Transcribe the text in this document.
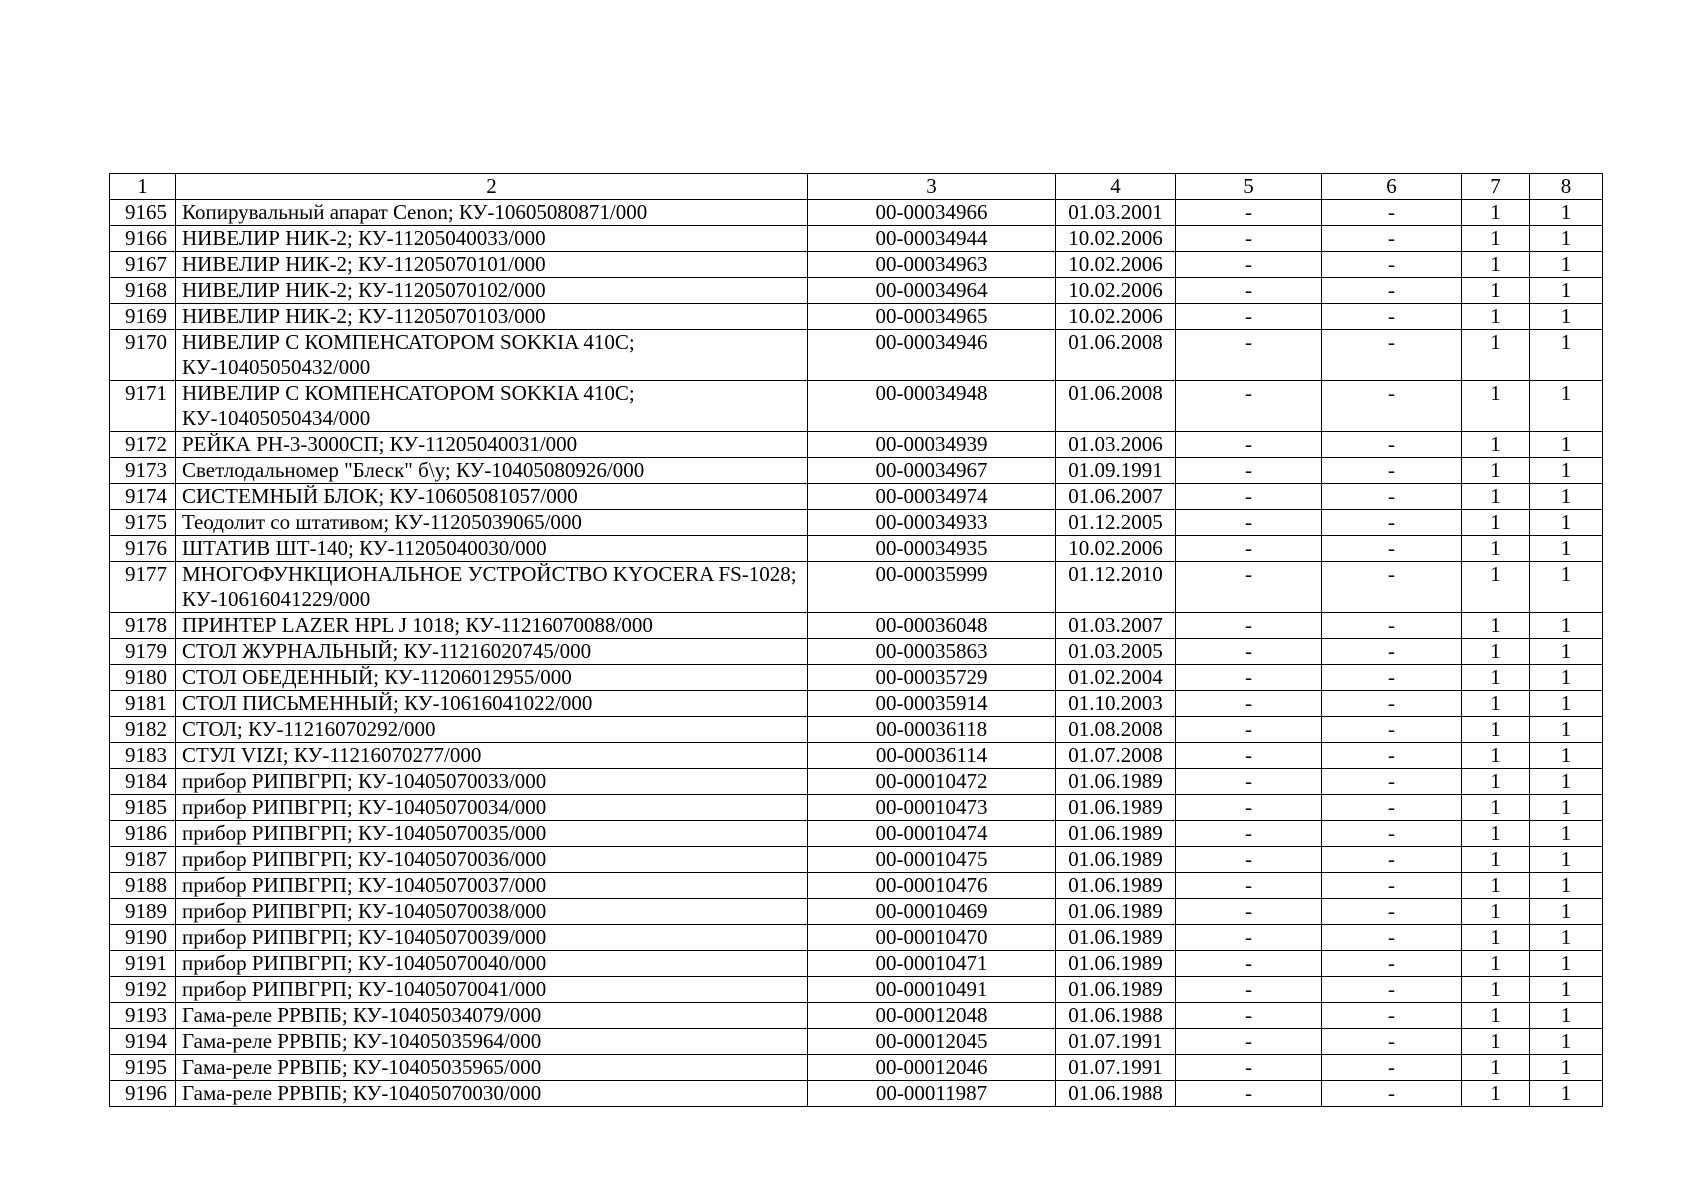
1	2	3	4	5	6	7	8
9165	Копирувальный апарат Cenon; КУ-10605080871/000	00-00034966	01.03.2001	-	-	1	1
9166	НИВЕЛИР НИК-2; КУ-11205040033/000	00-00034944	10.02.2006	-	-	1	1
9167	НИВЕЛИР НИК-2; КУ-11205070101/000	00-00034963	10.02.2006	-	-	1	1
9168	НИВЕЛИР НИК-2; КУ-11205070102/000	00-00034964	10.02.2006	-	-	1	1
9169	НИВЕЛИР НИК-2; КУ-11205070103/000	00-00034965	10.02.2006	-	-	1	1
9170	НИВЕЛИР С КОМПЕНСАТОРОМ SOKKIA 410C; КУ-10405050432/000	00-00034946	01.06.2008	-	-	1	1
9171	НИВЕЛИР С КОМПЕНСАТОРОМ SOKKIA 410C; КУ-10405050434/000	00-00034948	01.06.2008	-	-	1	1
9172	РЕЙКА РН-3-3000СП; КУ-11205040031/000	00-00034939	01.03.2006	-	-	1	1
9173	Светлодальномер "Блеск" б\у; КУ-10405080926/000	00-00034967	01.09.1991	-	-	1	1
9174	СИСТЕМНЫЙ БЛОК; КУ-10605081057/000	00-00034974	01.06.2007	-	-	1	1
9175	Теодолит со штативом; КУ-11205039065/000	00-00034933	01.12.2005	-	-	1	1
9176	ШТАТИВ ШТ-140; КУ-11205040030/000	00-00034935	10.02.2006	-	-	1	1
9177	МНОГОФУНКЦИОНАЛЬНОЕ УСТРОЙСТВО KYOCERA FS-1028; КУ-10616041229/000	00-00035999	01.12.2010	-	-	1	1
9178	ПРИНТЕР LAZER HPL J 1018; КУ-11216070088/000	00-00036048	01.03.2007	-	-	1	1
9179	СТОЛ ЖУРНАЛЬНЫЙ; КУ-11216020745/000	00-00035863	01.03.2005	-	-	1	1
9180	СТОЛ ОБЕДЕННЫЙ; КУ-11206012955/000	00-00035729	01.02.2004	-	-	1	1
9181	СТОЛ ПИСЬМЕННЫЙ; КУ-10616041022/000	00-00035914	01.10.2003	-	-	1	1
9182	СТОЛ; КУ-11216070292/000	00-00036118	01.08.2008	-	-	1	1
9183	СТУЛ VIZI; КУ-11216070277/000	00-00036114	01.07.2008	-	-	1	1
9184	прибор РИПВГРП; КУ-10405070033/000	00-00010472	01.06.1989	-	-	1	1
9185	прибор РИПВГРП; КУ-10405070034/000	00-00010473	01.06.1989	-	-	1	1
9186	прибор РИПВГРП; КУ-10405070035/000	00-00010474	01.06.1989	-	-	1	1
9187	прибор РИПВГРП; КУ-10405070036/000	00-00010475	01.06.1989	-	-	1	1
9188	прибор РИПВГРП; КУ-10405070037/000	00-00010476	01.06.1989	-	-	1	1
9189	прибор РИПВГРП; КУ-10405070038/000	00-00010469	01.06.1989	-	-	1	1
9190	прибор РИПВГРП; КУ-10405070039/000	00-00010470	01.06.1989	-	-	1	1
9191	прибор РИПВГРП; КУ-10405070040/000	00-00010471	01.06.1989	-	-	1	1
9192	прибор РИПВГРП; КУ-10405070041/000	00-00010491	01.06.1989	-	-	1	1
9193	Гама-реле РРВПБ; КУ-10405034079/000	00-00012048	01.06.1988	-	-	1	1
9194	Гама-реле РРВПБ; КУ-10405035964/000	00-00012045	01.07.1991	-	-	1	1
9195	Гама-реле РРВПБ; КУ-10405035965/000	00-00012046	01.07.1991	-	-	1	1
9196	Гама-реле РРВПБ; КУ-10405070030/000	00-00011987	01.06.1988	-	-	1	1
